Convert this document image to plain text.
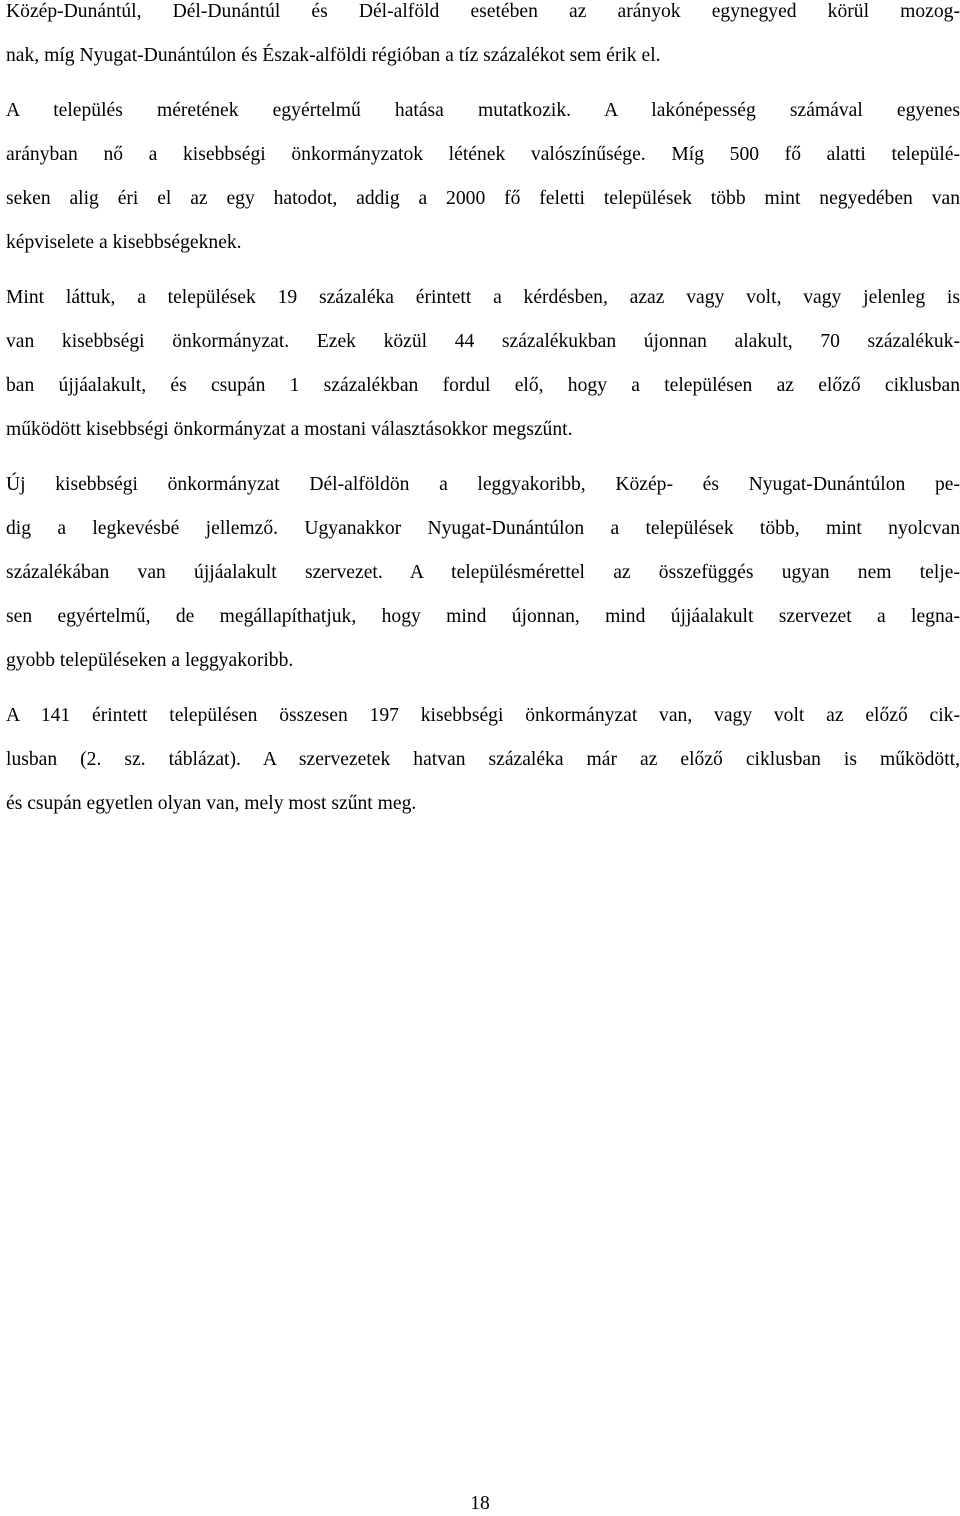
Közép-Dunántúl, Dél-Dunántúl és Dél-alföld esetében az arányok egynegyed körül mozog-
nak, míg Nyugat-Dunántúlon és Észak-alföldi régióban a tíz százalékot sem érik el.
A település méretének egyértelmű hatása mutatkozik. A lakónépesség számával egyenes
arányban nő a kisebbségi önkormányzatok létének valószínűsége. Míg 500 fő alatti települé-
seken alig éri el az egy hatodot, addig a 2000 fő feletti települések több mint negyedében van
képviselete a kisebbségeknek.
Mint láttuk, a települések 19 százaléka érintett a kérdésben, azaz vagy volt, vagy jelenleg is
van kisebbségi önkormányzat. Ezek közül 44 százalékukban újonnan alakult, 70 százalékuk-
ban újjáalakult, és csupán 1 százalékban fordul elő, hogy a településen az előző ciklusban
működött kisebbségi önkormányzat a mostani választásokkor megszűnt.
Új kisebbségi önkormányzat Dél-alföldön a leggyakoribb, Közép- és Nyugat-Dunántúlon pe-
dig a legkevésbé jellemző. Ugyanakkor Nyugat-Dunántúlon a települések több, mint nyolcvan
százalékában van újjáalakult szervezet. A településmérettel az összefüggés ugyan nem telje-
sen egyértelmű, de megállapíthatjuk, hogy mind újonnan, mind újjáalakult szervezet a legna-
gyobb településeken a leggyakoribb.
A 141 érintett településen összesen 197 kisebbségi önkormányzat van, vagy volt az előző cik-
lusban (2. sz. táblázat). A szervezetek hatvan százaléka már az előző ciklusban is működött,
és csupán egyetlen olyan van, mely most szűnt meg.
18
